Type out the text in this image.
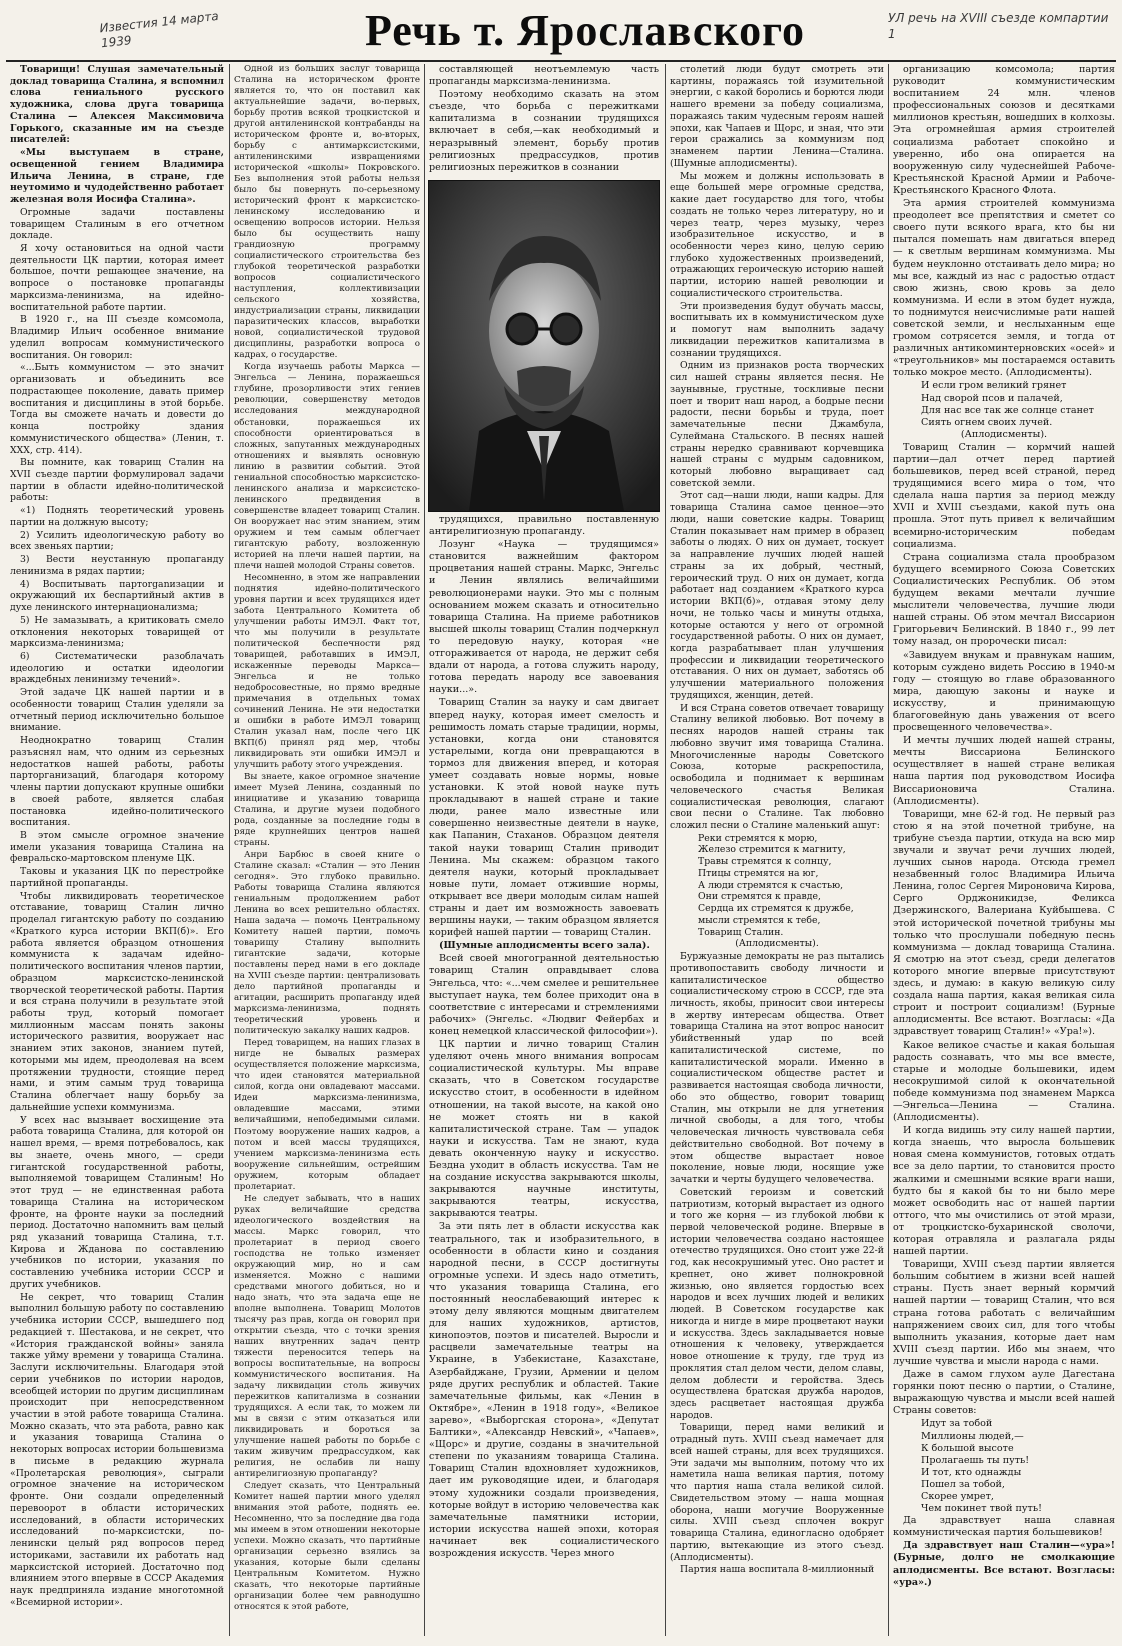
Известия 14 марта 1939	Речь т. Ярославского	УЛ речь на XVIII съезде компартии 1

Товарищи! Слушая замечательный доклад товарища Сталина, я вспомнил слова гениального русского художника, слова друга товарища Сталина — Алексея Максимовича Горького, сказанные им на съезде писателей:

«Мы выступаем в стране, освещенной гением Владимира Ильича Ленина, в стране, где неутомимо и чудодейственно работает железная воля Иосифа Сталина».

Огромные задачи поставлены товарищем Сталиным в его отчетном докладе.

Я хочу остановиться на одной части деятельности ЦК партии, которая имеет большое, почти решающее значение, на вопросе о постановке пропаганды марксизма-ленинизма, на идейно-воспитательной работе партии.

В 1920 г., на III съезде комсомола, Владимир Ильич особенное внимание уделил вопросам коммунистического воспитания. Он говорил:

«...Быть коммунистом — это значит организовать и объединить все подрастающее поколение, давать пример воспитания и дисциплины в этой борьбе. Тогда вы сможете начать и довести до конца постройку здания коммунистического общества» (Ленин, т. XXX, стр. 414).

Вы помните, как товарищ Сталин на XVII съезде партии формулировал задачи партии в области идейно-политической работы:

«1) Поднять теоретический уровень партии на должную высоту;

2) Усилить идеологическую работу во всех звеньях партии;

3) Вести неустанную пропаганду ленинизма в рядах партии;

4) Воспитывать партorganизации и окружающий их беспартийный актив в духе ленинского интернационализма;

5) Не замазывать, а критиковать смело отклонения некоторых товарищей от марксизма-ленинизма;

6) Систематически разоблачать идеологию и остатки идеологии враждебных ленинизму течений».

Этой задаче ЦК нашей партии и в особенности товарищ Сталин уделяли за отчетный период исключительно большое внимание.

Неоднократно товарищ Сталин разъяснял нам, что одним из серьезных недостатков нашей работы, работы парторганизаций, благодаря которому члены партии допускают крупные ошибки в своей работе, является слабая постановка идейно-политического воспитания.

В этом смысле огромное значение имели указания товарища Сталина на февральско-мартовском пленуме ЦК.

Таковы и указания ЦК по перестройке партийной пропаганды.

Чтобы ликвидировать теоретическое отставание, товарищ Сталин лично проделал гигантскую работу по созданию «Краткого курса истории ВКП(б)». Его работа является образцом отношения коммуниста к задачам идейно-политического воспитания членов партии, образцом марксистско-ленинской творческой теоретической работы. Партия и вся страна получили в результате этой работы труд, который помогает миллионным массам понять законы исторического развития, вооружает нас знанием этих законов, знанием путей, которыми мы идем, преодолевая на всем протяжении трудности, стоящие перед нами, и этим самым труд товарища Сталина облегчает нашу борьбу за дальнейшие успехи коммунизма.

У всех нас вызывает восхищение эта работа товарища Сталина, для которой он нашел время, — время потребовалось, как вы знаете, очень много, — среди гигантской государственной работы, выполняемой товарищем Сталиным! Но этот труд — не единственная работа товарища Сталина на историческом фронте, на фронте науки за последний период. Достаточно напомнить вам целый ряд указаний товарища Сталина, т.т. Кирова и Жданова по составлению учебников по истории, указания по составлению учебника истории СССР и других учебников.

Не секрет, что товарищ Сталин выполнил большую работу по составлению учебника истории СССР, вышедшего под редакцией т. Шестакова, и не секрет, что «История гражданской войны» заняла также уйму времени у товарища Сталина. Заслуги исключительны. Благодаря этой серии учебников по истории народов, всеобщей истории по другим дисциплинам происходит при непосредственном участии в этой работе товарища Сталина. Можно сказать, что эта работа, равно как и указания товарища Сталина о некоторых вопросах истории большевизма в письме в редакцию журнала «Пролетарская революция», сыграли огромное значение на историческом фронте. Они создали определенный перевоорот в области исторических исследований, в области исторических исследований по-марксистски, по-ленински целый ряд вопросов перед историками, заставили их работать над марксистской историей. Достаточно под влиянием этого впервые в СССР Академия наук предприняла издание многотомной «Всемирной истории».

Одной из больших заслуг товарища Сталина на историческом фронте является то, что он поставил как актуальнейшие задачи, во-первых, борьбу против всякой троцкистской и другой антиленинской контрабанды на историческом фронте и, во-вторых, борьбу с антимарксистскими, антиленинскими извращениями исторической «школы» Покровского. Без выполнения этой работы нельзя было бы повернуть по-серьезному исторический фронт к марксистско-ленинскому исследованию и освещению вопросов истории. Нельзя было бы осуществить нашу грандиозную программу социалистического строительства без глубокой теоретической разработки вопросов социалистического наступления, коллективизации сельского хозяйства, индустриализации страны, ликвидации паразитических классов, выработки новой, социалистической трудовой дисциплины, разработки вопроса о кадрах, о государстве.

Когда изучаешь работы Маркса — Энгельса — Ленина, поражаешься глубине, прозорливости этих гениев революции, совершенству методов исследования международной обстановки, поражаешься их способности ориентироваться в сложных, запутанных международных отношениях и выявлять основную линию в развитии событий. Этой гениальной способностью марксистско-ленинского анализа и марксистско-ленинского предвидения в совершенстве владеет товарищ Сталин. Он вооружает нас этим знанием, этим оружием и тем самым облегчает гигантскую работу, возложенную историей на плечи нашей партии, на плечи нашей молодой Страны советов.

Несомненно, в этом же направлении поднятия идейно-политического уровня партии и всех трудящихся идет забота Центрального Комитета об улучшении работы ИМЭЛ. Факт тот, что мы получили в результате политической беспечности ряд товарищей, работавших в ИМЭЛ, искаженные переводы Маркса—Энгельса и не только недобросовестные, но прямо вредные примечания в отдельных томах сочинений Ленина. Не эти недостатки и ошибки в работе ИМЭЛ товарищ Сталин указал нам, после чего ЦК ВКП(б) принял ряд мер, чтобы ликвидировать эти ошибки ИМЭЛ и улучшить работу этого учреждения.

Вы знаете, какое огромное значение имеет Музей Ленина, созданный по инициативе и указанию товарища Сталина, и другие музеи подобного рода, созданные за последние годы в ряде крупнейших центров нашей страны.

Анри Барбюс в своей книге о Сталине сказал: «Сталин — это Ленин сегодня». Это глубоко правильно. Работы товарища Сталина являются гениальным продолжением работ Ленина во всех решительно областях. Наша задача — помочь Центральному Комитету нашей партии, помочь товарищу Сталину выполнить гигантские задачи, которые поставлены перед нами в его докладе на XVIII съезде партии: централизовать дело партийной пропаганды и агитации, расширить пропаганду идей марксизма-ленинизма, поднять теоретический уровень и политическую закалку наших кадров.

Перед товарищем, на наших глазах в нигде не бывалых размерах осуществляется положение марксизма, что идеи становятся материальной силой, когда они овладевают массами. Идеи марксизма-ленинизма, овладевшие массами, этими величайшими, непобедимыми силами. Поэтому вооружение наших кадров, а потом и всей массы трудящихся, учением марксизма-ленинизма есть вооружение сильнейшим, острейшим оружием, которым обладает пролетариат.

Не следует забывать, что в наших руках величайшие средства идеологического воздействия на массы. Маркс говорил, что пролетариат в период своего господства не только изменяет окружающий мир, но и сам изменяется. Можно с нашими средствами многого добиться, но и надо знать, что эта задача еще не вполне выполнена. Товарищ Молотов тысячу раз прав, когда он говорил при открытии съезда, что с точки зрения наших внутренних задач центр тяжести переносится теперь на вопросы воспитательные, на вопросы коммунистического воспитания. На задачу ликвидации столь живучих пережитков капитализма в сознании трудящихся. А если так, то можем ли мы в связи с этим отказаться или ликвидировать и бороться за улучшение нашей работы по борьбе с таким живучим предрассудком, как религия, не ослабив ли нашу антирелигиозную пропаганду?

Следует сказать, что Центральный Комитет нашей партии много уделял внимания этой работе, поднять ее. Несомненно, что за последние два года мы имеем в этом отношении некоторые успехи. Можно сказать, что партийные организации серьезно взялись за указания, которые были сделаны Центральным Комитетом. Нужно сказать, что некоторые партийные организации более чем равнодушно относятся к этой работе,

составляющей неотъемлемую часть пропаганды марксизма-ленинизма.

Поэтому необходимо сказать на этом съезде, что борьба с пережитками капитализма в сознании трудящихся включает в себя,—как необходимый и неразрывный элемент, борьбу против религиозных предрассудков, против религиозных пережитков в сознании

трудящихся, правильно поставленную антирелигиозную пропаганду.

Лозунг «Наука — трудящимся» становится важнейшим фактором процветания нашей страны. Маркс, Энгельс и Ленин являлись величайшими революционерами науки. Это мы с полным основанием можем сказать и относительно товарища Сталина. На приеме работников высшей школы товарищ Сталин подчеркнул то передовую науку, которая «не отгораживается от народа, не держит себя вдали от народа, а готова служить народу, готова передать народу все завоевания науки...».

Товарищ Сталин за науку и сам двигает вперед науку, которая имеет смелость и решимость ломать старые традиции, нормы, установки, когда они становятся устарелыми, когда они превращаются в тормоз для движения вперед, и которая умеет создавать новые нормы, новые установки. К этой новой науке путь прокладывают в нашей стране и такие люди, ранее мало известные или совершенно неизвестные деятели в науке, как Папанин, Стаханов. Образцом деятеля такой науки товарищ Сталин приводит Ленина. Мы скажем: образцом такого деятеля науки, который прокладывает новые пути, ломает отжившие нормы, открывает все двери молодым силам нашей страны и дает им возможность завоевать вершины науки, — таким образцом является корифей нашей партии — товарищ Сталин.

(Шумные аплодисменты всего зала).

Всей своей многогранной деятельностью товарищ Сталин оправдывает слова Энгельса, что: «...чем смелее и решительнее выступает наука, тем более приходит она в соответствие с интересами и стремлениями рабочих» (Энгельс. «Людвиг Фейербах и конец немецкой классической философии»).

ЦК партии и лично товарищ Сталин уделяют очень много внимания вопросам социалистической культуры. Мы вправе сказать, что в Советском государстве искусство стоит, в особенности в идейном отношении, на такой высоте, на какой оно не может стоять ни в какой капиталистической стране. Там — упадок науки и искусства. Там не знают, куда девать оконченную науку и искусство. Бездна уходит в область искусства. Там не на создание искусства закрываются школы, закрываются научные институты, закрываются театры, искусства, закрываются театры.

За эти пять лет в области искусства как театрального, так и изобразительного, в особенности в области кино и создания народной песни, в СССР достигнуты огромные успехи. И здесь надо отметить, что указания товарища Сталина, его постоянный неослабевающий интерес к этому делу являются мощным двигателем для наших художников, артистов, кинопоэтов, поэтов и писателей. Выросли и расцвели замечательные театры на Украине, в Узбекистане, Казахстане, Азербайджане, Грузии, Армении и целом ряде других республик и областей. Такие замечательные фильмы, как «Ленин в Октябре», «Ленин в 1918 году», «Великое зарево», «Выборгская сторона», «Депутат Балтики», «Александр Невский», «Чапаев», «Щорс» и другие, созданы в значительной степени по указаниям товарища Сталина. Товарищ Сталин вдохновляет художников, дает им руководящие идеи, и благодаря этому художники создали произведения, которые войдут в историю человечества как замечательные памятники истории, истории искусства нашей эпохи, которая начинает век социалистического возрождения искусств. Через много

столетий люди будут смотреть эти картины, поражаясь той изумительной энергии, с какой боролись и борются люди нашего времени за победу социализма, поражаясь таким чудесным героям нашей эпохи, как Чапаев и Щорс, и зная, что эти герои сражались за коммунизм под знаменем партии Ленина—Сталина. (Шумные аплодисменты).

Мы можем и должны использовать в еще большей мере огромные средства, какие дает государство для того, чтобы создать не только через литературу, но и через театр, через музыку, через изобразительное искусство, и в особенности через кино, целую серию глубоко художественных произведений, отражающих героическую историю нашей партии, историю нашей революции и социалистического строительства.

Эти произведения будут обучать массы, воспитывать их в коммунистическом духе и помогут нам выполнить задачу ликвидации пережитков капитализма в сознании трудящихся.

Одним из признаков роста творческих сил нашей страны является песня. Не заунывные, грустные, тоскливые песни поет и творит наш народ, а бодрые песни радости, песни борьбы и труда, поет замечательные песни Джамбула, Сулеймана Стальского. В песнях нашей страны нередко сравнивают корчевщика нашей страны с мудрым садовником, который любовно выращивает сад советской земли.

Этот сад—наши люди, наши кадры. Для товарища Сталина самое ценное—это люди, наши советские кадры. Товарищ Сталин показывает нам пример в образец заботы о людях. О них он думает, тоскует за направление лучших людей нашей страны за их добрый, честный, героический труд. О них он думает, когда работает над созданием «Краткого курса истории ВКП(б)», отдавая этому делу ночи, не только часы и минуты отдыха, которые остаются у него от огромной государственной работы. О них он думает, когда разрабатывает план улучшения профессии и ликвидации теоретического отставания. О них он думает, заботясь об улучшении материального положения трудящихся, женщин, детей.

И вся Страна советов отвечает товарищу Сталину великой любовью. Вот почему в песнях народов нашей страны так любовно звучит имя товарища Сталина. Многочисленные народы Советского Союза, которые раскрепостила, освободила и поднимает к вершинам человеческого счастья Великая социалистическая революция, слагают свои песни о Сталине. Так любовно сложил песни о Сталине маленький ашуг:

Реки стремятся к морю,

Железо стремится к магниту,

Травы стремятся к солнцу,

Птицы стремятся на юг,

А люди стремятся к счастью,

Они стремятся к правде,

Сердца их стремятся к дружбе,

мысли стремятся к тебе,

Товарищ Сталин.

(Аплодисменты).

Буржуазные демократы не раз пытались противопоставить свободу личности и капиталистическое общество социалистическому строю в СССР, где эта личность, якобы, приносит свои интересы в жертву интересам общества. Ответ товарища Сталина на этот вопрос наносит убийственный удар по всей капиталистической системе, по капиталистической морали. Именно в социалистическом обществе растет и развивается настоящая свобода личности, обо это общество, говорит товарищ Сталин, мы открыли не для угнетения личной свободы, а для того, чтобы человеческая личность чувствовала себя действительно свободной. Вот почему в этом обществе вырастает новое поколение, новые люди, носящие уже зачатки и черты будущего человечества.

Советский героизм и советский патриотизм, который вырастает из одного и того же корня — из глубокой любви к первой человеческой родине. Впервые в истории человечества создано настоящее отечество трудящихся. Оно стоит уже 22-й год, как несокрушимый утес. Оно растет и крепнет, оно живет полнокровной жизнью, оно является гордостью всех народов и всех лучших людей и великих людей. В Советском государстве как никогда и нигде в мире процветают науки и искусства. Здесь закладывается новые отношения к человеку, утверждается новое отношение к труду, где труд из проклятия стал делом чести, делом славы, делом доблести и геройства. Здесь осуществлена братская дружба народов, здесь расцветает настоящая дружба народов.

Товарищи, перед нами великий и отрадный путь. XVIII съезд намечает для всей нашей страны, для всех трудящихся. Эти задачи мы выполним, потому что их наметила наша великая партия, потому что партия наша стала великой силой. Свидетельством этому — наша мощная оборона, наши могучие Вооруженные силы. XVIII съезд сплочен вокруг товарища Сталина, единогласно одобряет партию, вытекающие из этого съезд. (Аплодисменты).

Партия наша воспитала 8-миллионный

организацию комсомола; партия руководит коммунистическим воспитанием 24 млн. членов профессиональных союзов и десятками миллионов крестьян, вошедших в колхозы. Эта огромнейшая армия строителей социализма работает спокойно и уверенно, ибо она опирается на вооруженную силу чудеснейшей Рабоче-Крестьянской Красной Армии и Рабоче-Крестьянского Красного Флота.

Эта армия строителей коммунизма преодолеет все препятствия и сметет со своего пути всякого врага, кто бы ни пытался помешать нам двигаться вперед — к светлым вершинам коммунизма. Мы будем неуклонно отстаивать дело мира; но мы все, каждый из нас с радостью отдаст свою жизнь, свою кровь за дело коммунизма. И если в этом будет нужда, то поднимутся неисчислимые рати нашей советской земли, и неслыханным еще громом сотрясется земля, и тогда от различных антикоминтерновских «осей» и «треугольников» мы постараемся оставить только мокрое место. (Аплодисменты).

И если гром великий грянет

Над сворой псов и палачей,

Для нас все так же солнце станет

Сиять огнем своих лучей.

(Аплодисменты).

Товарищ Сталин — кормчий нашей партии—дал отчет перед партией большевиков, перед всей страной, перед трудящимися всего мира о том, что сделала наша партия за период между XVII и XVIII съездами, какой путь она прошла. Этот путь привел к величайшим всемирно-историческим победам социализма.

Страна социализма стала прообразом будущего всемирного Союза Советских Социалистических Республик. Об этом будущем веками мечтали лучшие мыслители человечества, лучшие люди нашей страны. Об этом мечтал Виссарион Григорьевич Белинский. В 1840 г., 99 лет тому назад, он пророчески писал:

«Завидуем внукам и правнукам нашим, которым суждено видеть Россию в 1940-м году — стоящую во главе образованного мира, дающую законы и науке и искусству, и принимающую благоговейную дань уважения от всего просвещенного человечества».

И мечты лучших людей нашей страны, мечты Виссариона Белинского осуществляет в нашей стране великая наша партия под руководством Иосифа Виссарионовича Сталина. (Аплодисменты).

Товарищи, мне 62-й год. Не первый раз стою я на этой почетной трибуне, на трибуне съезда партии, откуда на всю мир звучали и звучат речи лучших людей, лучших сынов народа. Отсюда гремел незабвенный голос Владимира Ильича Ленина, голос Сергея Мироновича Кирова, Серго Орджоникидзе, Феликса Дзержинского, Валериана Куйбышева. С этой исторической почетной трибуны мы только что прослушали победную песнь коммунизма — доклад товарища Сталина. Я смотрю на этот съезд, среди делегатов которого многие впервые присутствуют здесь, и думаю: в какую великую силу создала наша партия, какая великая сила строит и построит социализм! (Бурные аплодисменты. Все встают. Возгласы: «Да здравствует товарищ Сталин!» «Ура!»).

Какое великое счастье и какая большая радость сознавать, что мы все вместе, старые и молодые большевики, идем несокрушимой силой к окончательной победе коммунизма под знаменем Маркса—Энгельса—Ленина — Сталина. (Аплодисменты).

И когда видишь эту силу нашей партии, когда знаешь, что выросла большевик новая смена коммунистов, готовых отдать все за дело партии, то становится просто жалкими и смешными всякие враги наши, будто бы я какой бы то ни было мере может освободить нас от нашей партии оттого, что мы очистились от этой мрази, от троцкистско-бухаринской сволочи, которая отравляла и разлагала ряды нашей партии.

Товарищи, XVIII съезд партии является большим событием в жизни всей нашей страны. Пусть знает верный кормчий нашей партии — товарищ Сталин, что вся страна готова работать с величайшим напряжением своих сил, для того чтобы выполнить указания, которые дает нам XVIII съезд партии. Ибо мы знаем, что лучшие чувства и мысли народа с нами.

Даже в самом глухом ауле Дагестана горянки поют песню о партии, о Сталине, выражающую чувства и мысли всей нашей Страны советов:

Идут за тобой

Миллионы людей,—

К большой высоте

Пролагаешь ты путь!

И тот, кто однажды

Пошел за тобой,

Скорее умрет,

Чем покинет твой путь!

Да здравствует наша славная коммунистическая партия большевиков!

Да здравствует наш Сталин—«ура»! (Бурные, долго не смолкающие аплодисменты. Все встают. Возгласы: «ура».)
